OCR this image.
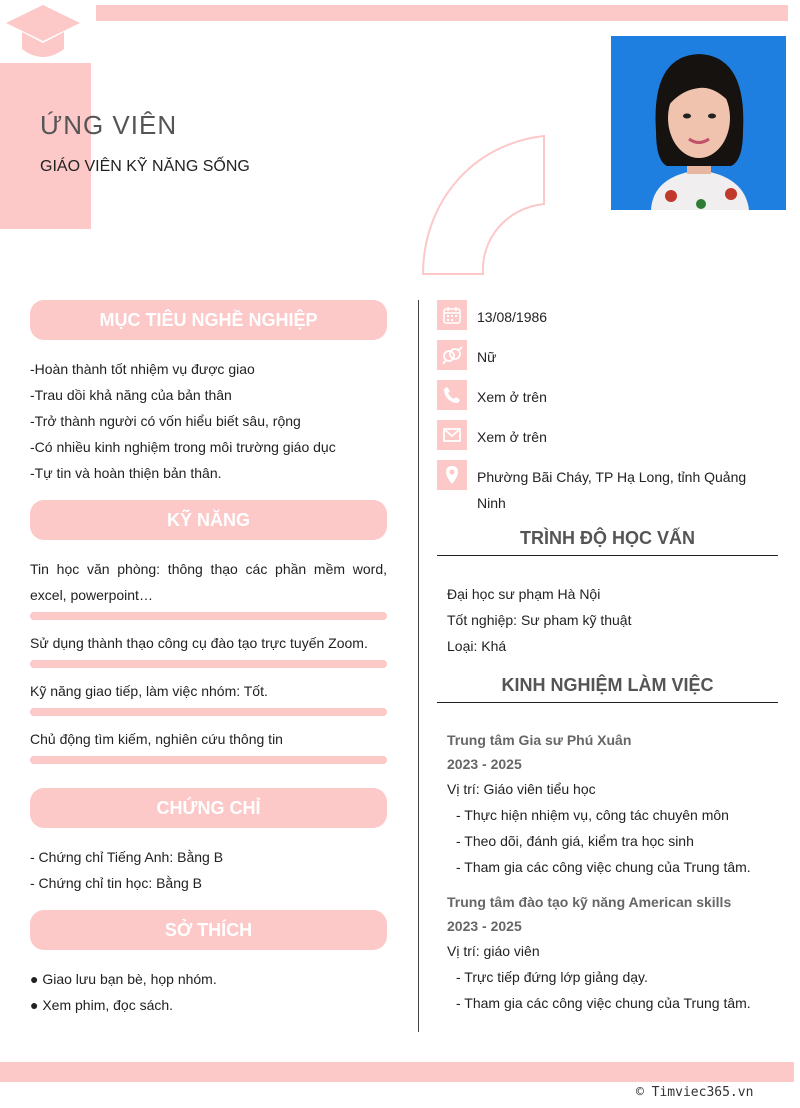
ỨNG VIÊN
GIÁO VIÊN KỸ NĂNG SỐNG
MỤC TIÊU NGHỀ NGHIỆP
-Hoàn thành tốt nhiệm vụ được giao
-Trau dồi khả năng của bản thân
-Trở thành người có vốn hiểu biết sâu, rộng
-Có nhiều kinh nghiệm trong môi trường giáo dục
-Tự tin và hoàn thiện bản thân.
KỸ NĂNG
Tin học văn phòng: thông thạo các phần mềm word, excel, powerpoint…
Sử dụng thành thạo công cụ đào tạo trực tuyến Zoom.
Kỹ năng giao tiếp, làm việc nhóm: Tốt.
Chủ động tìm kiếm, nghiên cứu thông tin
CHỨNG CHỈ
- Chứng chỉ Tiếng Anh: Bằng B
- Chứng chỉ tin học: Bằng B
SỞ THÍCH
● Giao lưu bạn bè, họp nhóm.
● Xem phim, đọc sách.
13/08/1986
Nữ
Xem ở trên
Xem ở trên
Phường Bãi Cháy, TP Hạ Long, tỉnh Quảng Ninh
TRÌNH ĐỘ HỌC VẤN
Đại học sư phạm Hà Nội
Tốt nghiệp: Sư pham kỹ thuật
Loại: Khá
KINH NGHIỆM LÀM VIỆC
Trung tâm Gia sư Phú Xuân
2023 - 2025
Vị trí: Giáo viên tiểu học
- Thực hiện nhiệm vụ, công tác chuyên môn
- Theo dõi, đánh giá, kiểm tra học sinh
- Tham gia các công việc chung của Trung tâm.
Trung tâm đào tạo kỹ năng American skills
2023 - 2025
Vị trí: giáo viên
- Trực tiếp đứng lớp giảng dạy.
- Tham gia các công việc chung của Trung tâm.
© Timviec365.vn
